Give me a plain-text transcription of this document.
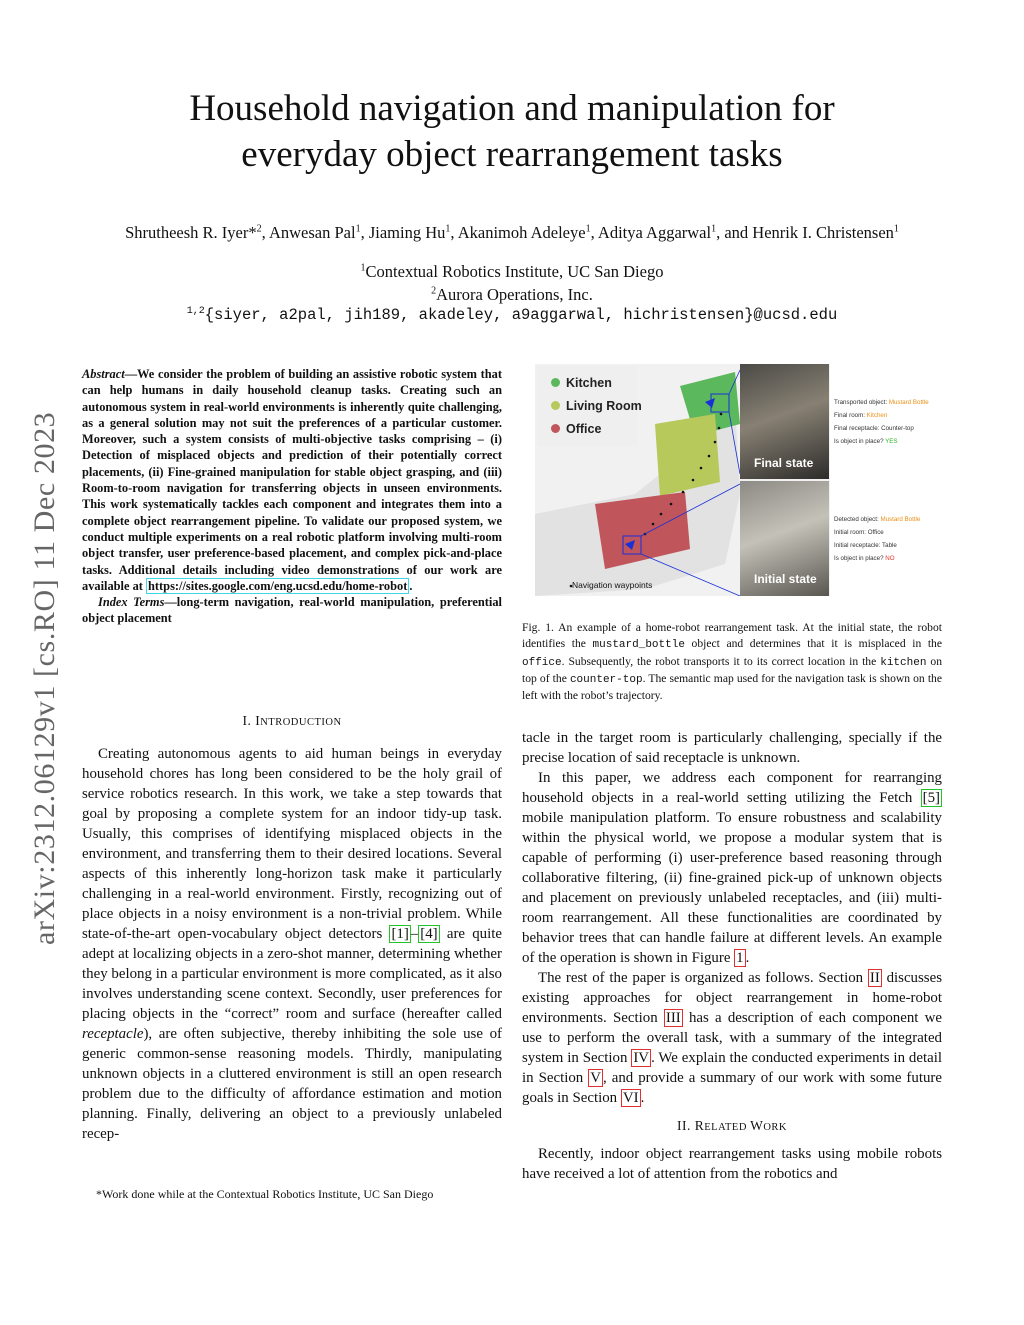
Household navigation and manipulation for
everyday object rearrangement tasks
Shrutheesh R. Iyer*$^2$, Anwesan Pal$^1$, Jiaming Hu$^1$, Akanimoh Adeleye$^1$, Aditya Aggarwal$^1$, and Henrik I. Christensen$^1$
$^1$Contextual Robotics Institute, UC San Diego
$^2$Aurora Operations, Inc.
$^{1,2}${siyer, a2pal, jih189, akadeley, a9aggarwal, hichristensen}@ucsd.edu
arXiv:2312.06129v1 [cs.RO] 11 Dec 2023
Abstract—We consider the problem of building an assistive robotic system that can help humans in daily household cleanup tasks. Creating such an autonomous system in real-world environments is inherently quite challenging, as a general solution may not suit the preferences of a particular customer. Moreover, such a system consists of multi-objective tasks comprising – (i) Detection of misplaced objects and prediction of their potentially correct placements, (ii) Fine-grained manipulation for stable object grasping, and (iii) Room-to-room navigation for transferring objects in unseen environments. This work systematically tackles each component and integrates them into a complete object rearrangement pipeline. To validate our proposed system, we conduct multiple experiments on a real robotic platform involving multi-room object transfer, user preference-based placement, and complex pick-and-place tasks. Additional details including video demonstrations of our work are available at https://sites.google.com/eng.ucsd.edu/home-robot .
Index Terms—long-term navigation, real-world manipulation, preferential object placement
I. INTRODUCTION

Creating autonomous agents to aid human beings in everyday household chores has long been considered to be the holy grail of service robotics research. In this work, we take a step towards that goal by proposing a complete system for an indoor tidy-up task. Usually, this comprises of identifying misplaced objects in the environment, and transferring them to their desired locations. Several aspects of this inherently long-horizon task make it particularly challenging in a real-world environment. Firstly, recognizing out of place objects in a noisy environment is a non-trivial problem. While state-of-the-art open-vocabulary object detectors [1] – [4] are quite adept at localizing objects in a zero-shot manner, determining whether they belong in a particular environment is more complicated, as it also involves understanding scene context. Secondly, user preferences for placing objects in the “correct” room and surface (hereafter called receptacle), are often subjective, thereby inhibiting the sole use of generic common-sense reasoning models. Thirdly, manipulating unknown objects in a cluttered environment is still an open research problem due to the difficulty of affordance estimation and motion planning. Finally, delivering an object to a previously unlabeled recep-

*Work done while at the Contextual Robotics Institute, UC San Diego
Kitchen
Living Room
Office
Navigation waypoints
Final state
Initial state
Transported object: Mustard Bottle
Final room: Kitchen
Final receptacle: Counter-top
Is object in place? YES
Detected object: Mustard Bottle
Initial room: Office
Initial receptacle: Table
Is object in place? NO
Fig. 1. An example of a home-robot rearrangement task. At the initial state, the robot identifies the mustard_bottle object and determines that it is misplaced in the office. Subsequently, the robot transports it to its correct location in the kitchen on top of the counter-top. The semantic map used for the navigation task is shown on the left with the robot’s trajectory.

tacle in the target room is particularly challenging, specially if the precise location of said receptacle is unknown.

In this paper, we address each component for rearranging household objects in a real-world setting utilizing the Fetch [5] mobile manipulation platform. To ensure robustness and scalability within the physical world, we propose a modular system that is capable of performing (i) user-preference based reasoning through collaborative filtering, (ii) fine-grained pick-up of unknown objects and placement on previously unlabeled receptacles, and (iii) multi-room rearrangement. All these functionalities are coordinated by behavior trees that can handle failure at different levels. An example of the operation is shown in Figure 1 .

The rest of the paper is organized as follows. Section II discusses existing approaches for object rearrangement in home-robot environments. Section III has a description of each component we use to perform the overall task, with a summary of the integrated system in Section IV . We explain the conducted experiments in detail in Section V , and provide a summary of our work with some future goals in Section VI .

II. RELATED WORK

Recently, indoor object rearrangement tasks using mobile robots have received a lot of attention from the robotics and
